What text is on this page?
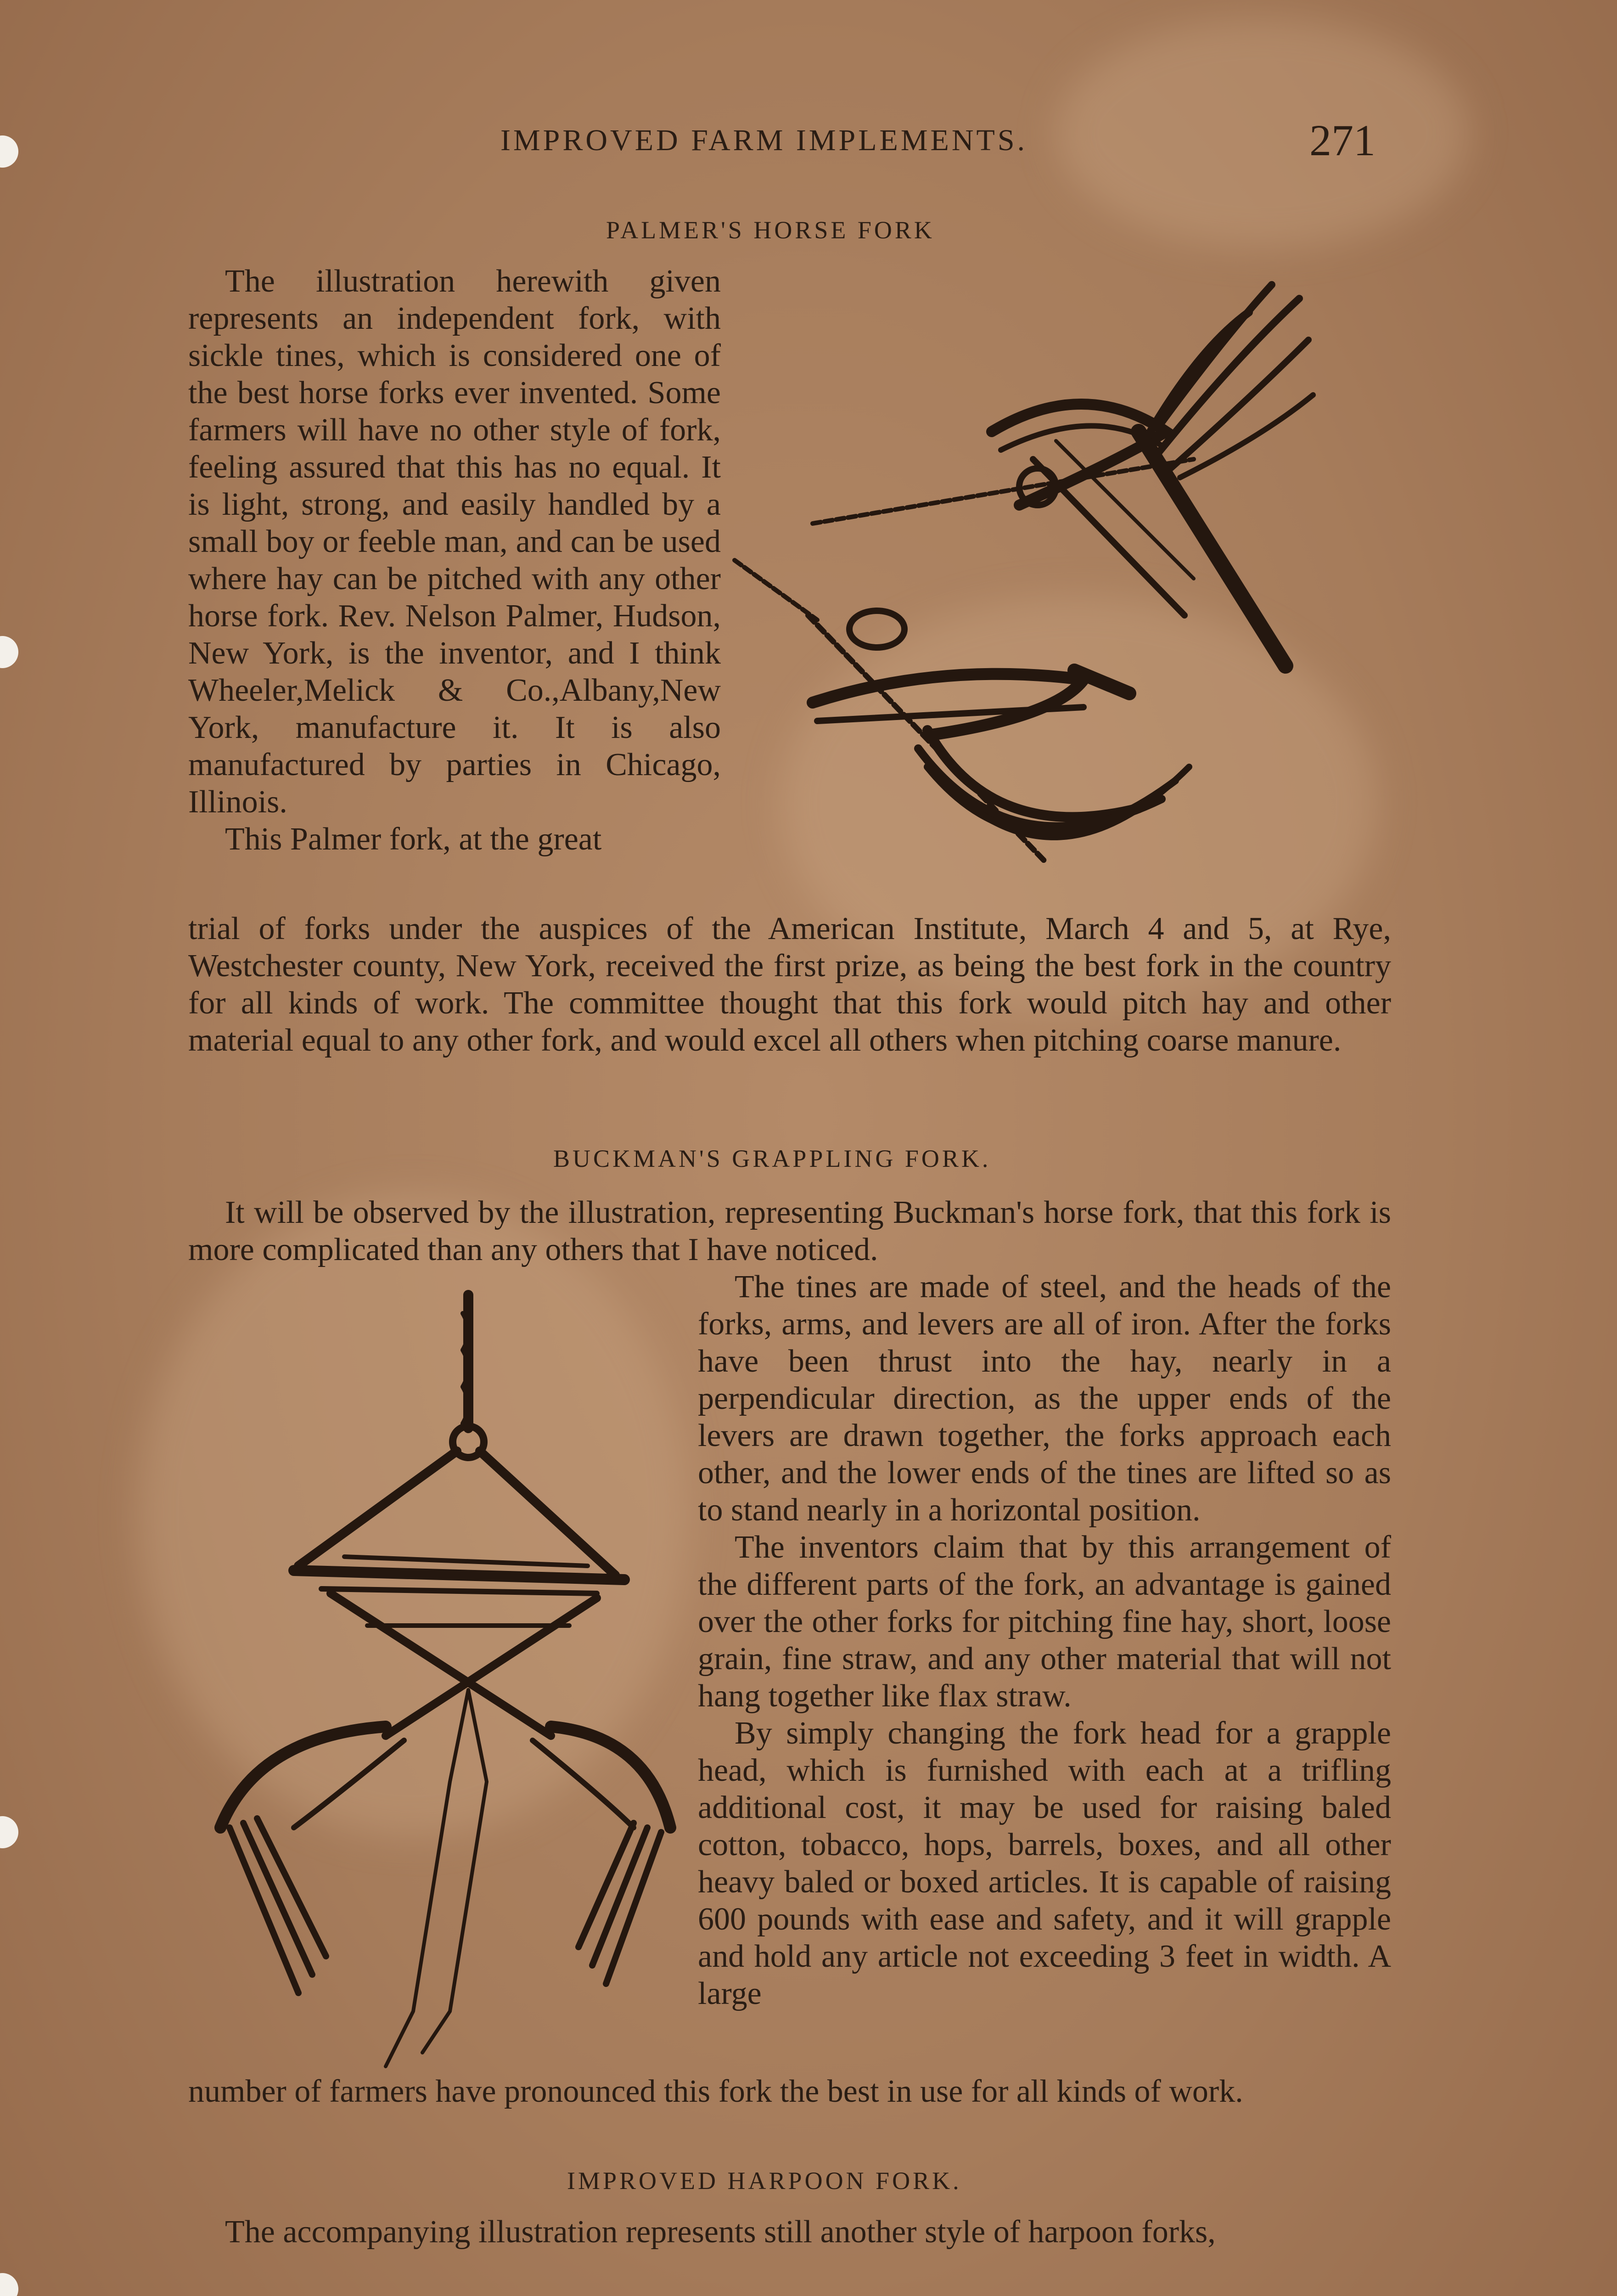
IMPROVED FARM IMPLEMENTS.	271
PALMER'S HORSE FORK

The illustration herewith given represents an independent fork, with sickle tines, which is considered one of the best horse forks ever invented. Some farmers will have no other style of fork, feeling assured that this has no equal. It is light, strong, and easily handled by a small boy or feeble man, and can be used where hay can be pitched with any other horse fork. Rev. Nelson Palmer, Hudson, New York, is the inventor, and I think Wheeler,Melick & Co.,Albany,New York, manufacture it. It is also manufactured by parties in Chicago, Illinois.

This Palmer fork, at the great

trial of forks under the auspices of the American Institute, March 4 and 5, at Rye, Westchester county, New York, received the first prize, as being the best fork in the country for all kinds of work. The committee thought that this fork would pitch hay and other material equal to any other fork, and would excel all others when pitching coarse manure.

BUCKMAN'S GRAPPLING FORK.

It will be observed by the illustration, representing Buckman's horse fork, that this fork is more complicated than any others that I have noticed.

The tines are made of steel, and the heads of the forks, arms, and levers are all of iron. After the forks have been thrust into the hay, nearly in a perpendicular direction, as the upper ends of the levers are drawn together, the forks approach each other, and the lower ends of the tines are lifted so as to stand nearly in a horizontal position.

The inventors claim that by this arrangement of the different parts of the fork, an advantage is gained over the other forks for pitching fine hay, short, loose grain, fine straw, and any other material that will not hang together like flax straw.

By simply changing the fork head for a grapple head, which is furnished with each at a trifling additional cost, it may be used for raising baled cotton, tobacco, hops, barrels, boxes, and all other heavy baled or boxed articles. It is capable of raising 600 pounds with ease and safety, and it will grapple and hold any article not exceeding 3 feet in width. A large

number of farmers have pronounced this fork the best in use for all kinds of work.

IMPROVED HARPOON FORK.

The accompanying illustration represents still another style of harpoon forks,
